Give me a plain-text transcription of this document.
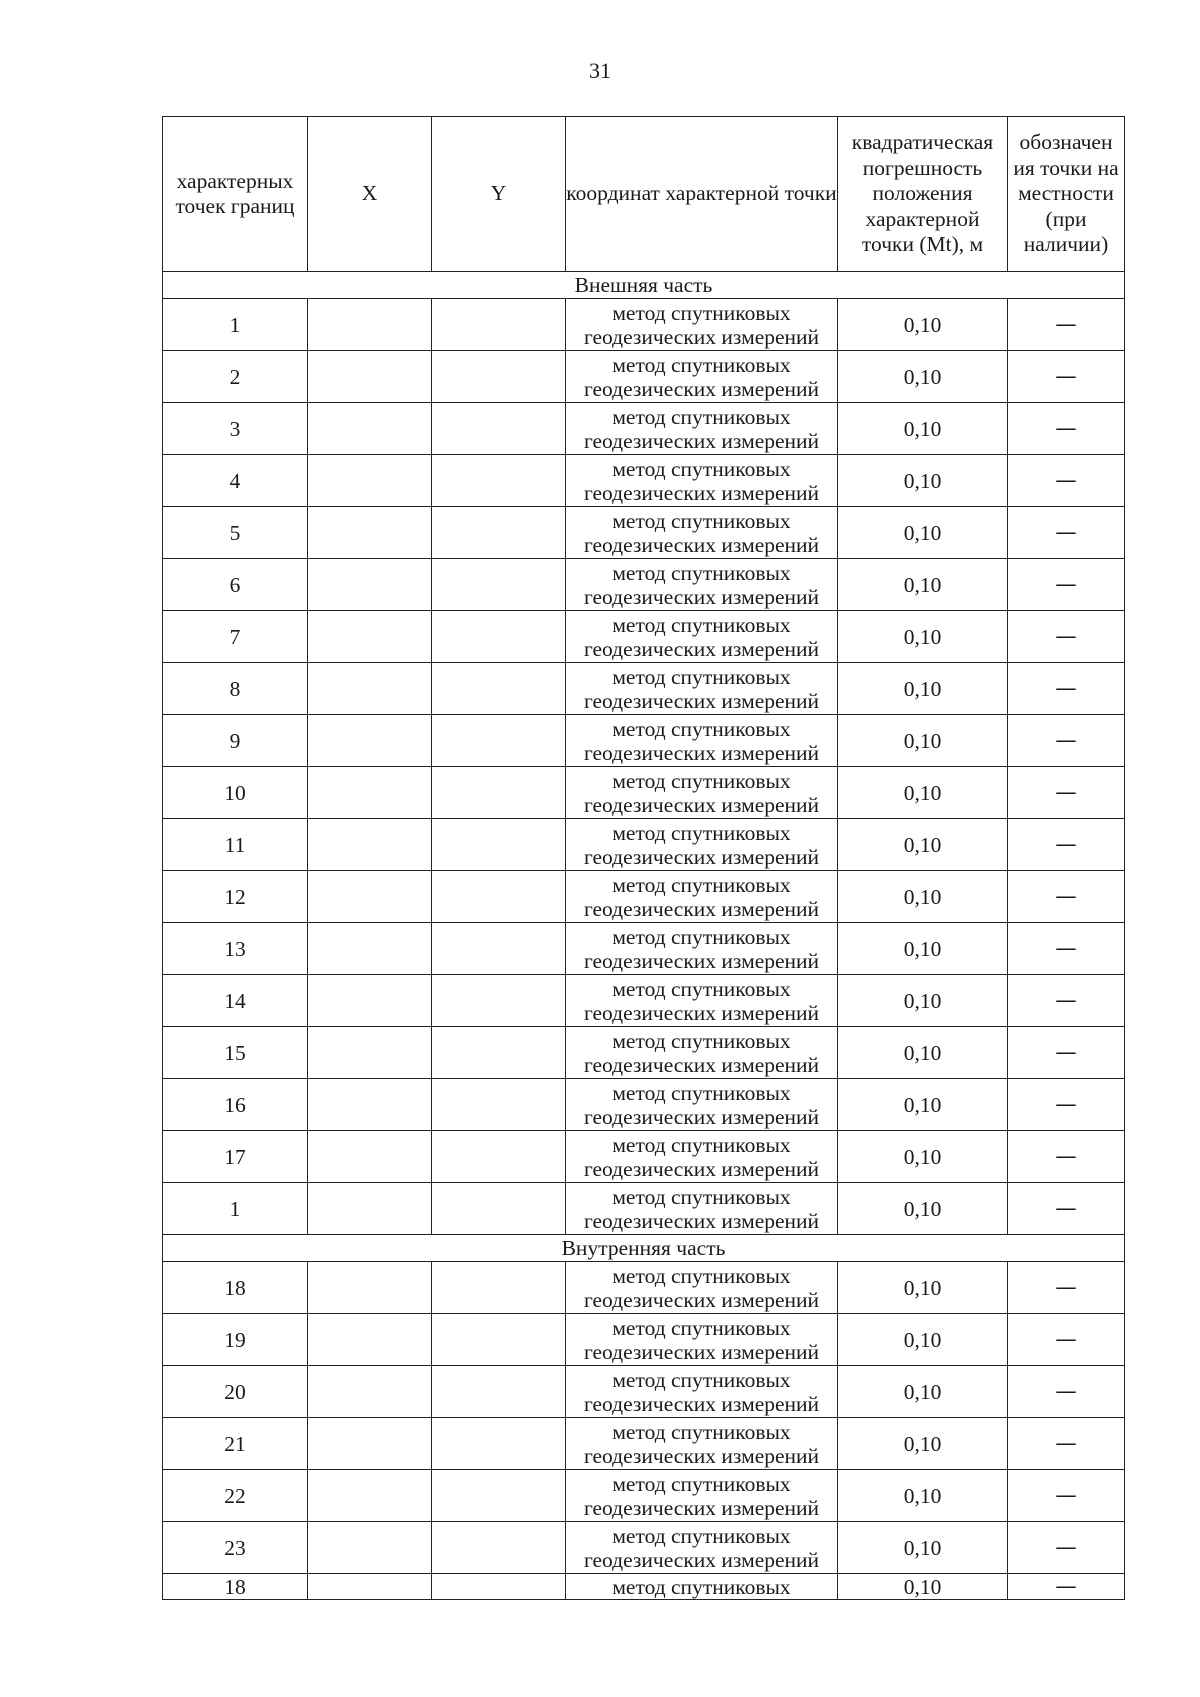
31
характерных точек границ	X	Y	координат характерной точки	квадратическая погрешность положения характерной точки (Mt), м	обозначен ия точки на местности (при наличии)
Внешняя часть					
1			метод спутниковых геодезических измерений	0,10	—
2			метод спутниковых геодезических измерений	0,10	—
3			метод спутниковых геодезических измерений	0,10	—
4			метод спутниковых геодезических измерений	0,10	—
5			метод спутниковых геодезических измерений	0,10	—
6			метод спутниковых геодезических измерений	0,10	—
7			метод спутниковых геодезических измерений	0,10	—
8			метод спутниковых геодезических измерений	0,10	—
9			метод спутниковых геодезических измерений	0,10	—
10			метод спутниковых геодезических измерений	0,10	—
11			метод спутниковых геодезических измерений	0,10	—
12			метод спутниковых геодезических измерений	0,10	—
13			метод спутниковых геодезических измерений	0,10	—
14			метод спутниковых геодезических измерений	0,10	—
15			метод спутниковых геодезических измерений	0,10	—
16			метод спутниковых геодезических измерений	0,10	—
17			метод спутниковых геодезических измерений	0,10	—
1			метод спутниковых геодезических измерений	0,10	—
Внутренняя часть					
18			метод спутниковых геодезических измерений	0,10	—
19			метод спутниковых геодезических измерений	0,10	—
20			метод спутниковых геодезических измерений	0,10	—
21			метод спутниковых геодезических измерений	0,10	—
22			метод спутниковых геодезических измерений	0,10	—
23			метод спутниковых геодезических измерений	0,10	—
18			метод спутниковых	0,10	—
